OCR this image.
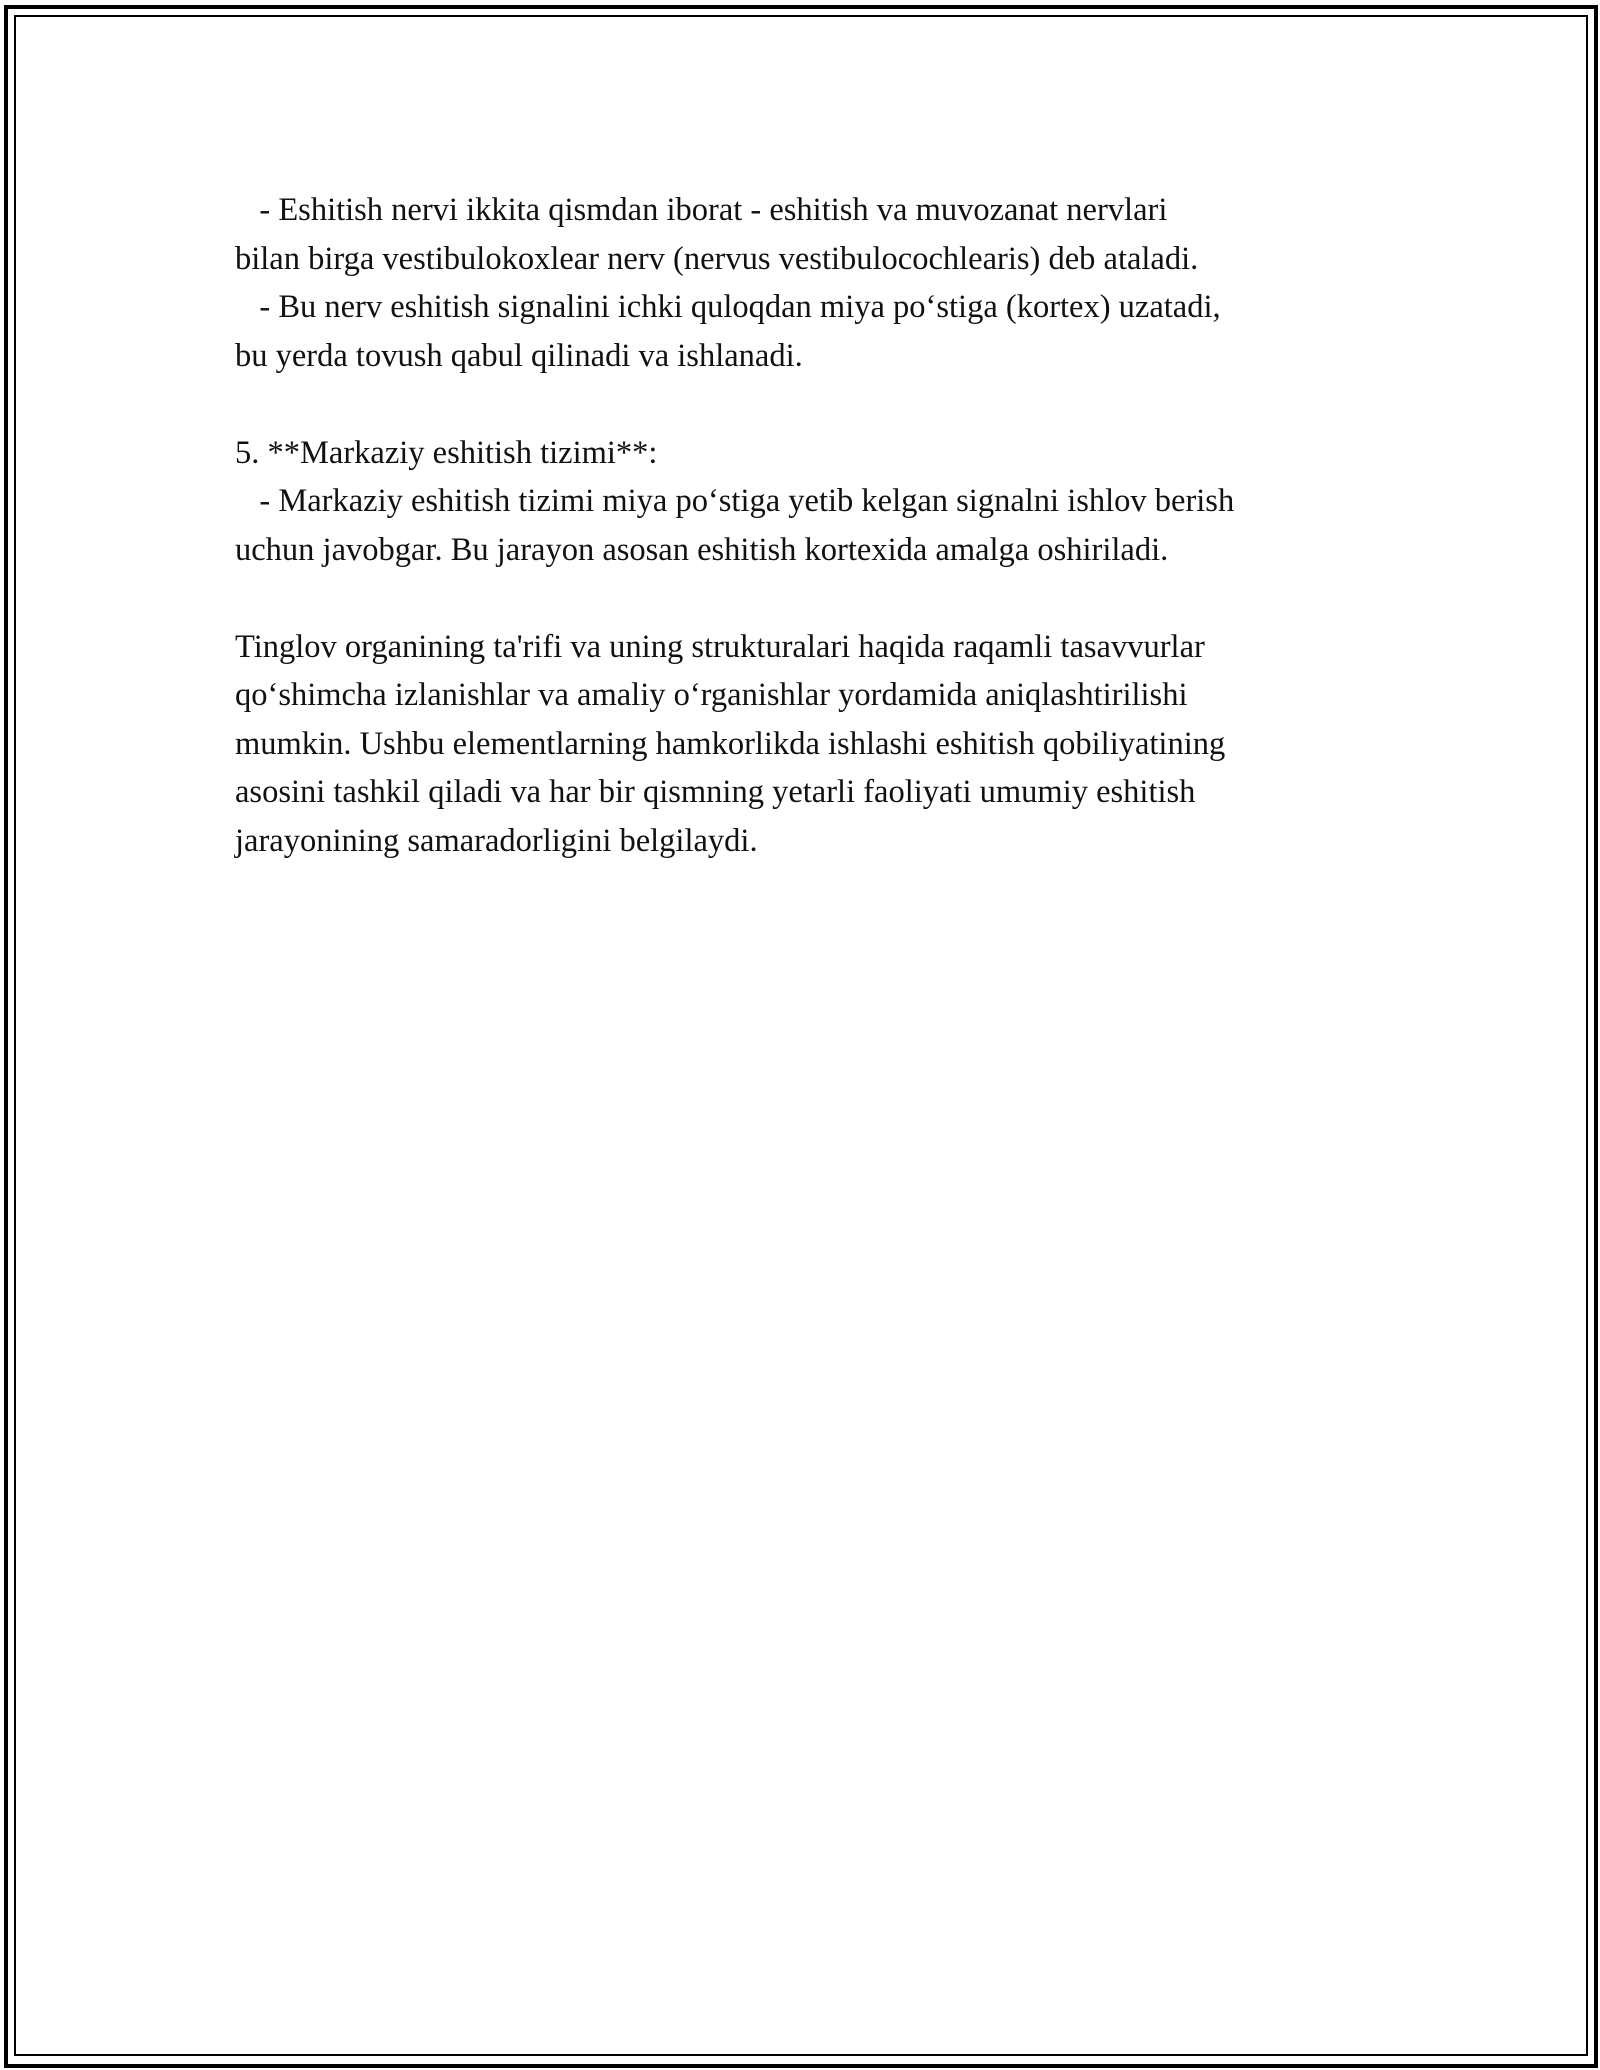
- Eshitish nervi ikkita qismdan iborat - eshitish va muvozanat nervlari
bilan birga vestibulokoxlear nerv (nervus vestibulocochlearis) deb ataladi.
- Bu nerv eshitish signalini ichki quloqdan miya po‘stiga (kortex) uzatadi,
bu yerda tovush qabul qilinadi va ishlanadi.
5. **Markaziy eshitish tizimi**:
- Markaziy eshitish tizimi miya po‘stiga yetib kelgan signalni ishlov berish
uchun javobgar. Bu jarayon asosan eshitish kortexida amalga oshiriladi.
Tinglov organining ta'rifi va uning strukturalari haqida raqamli tasavvurlar
qo‘shimcha izlanishlar va amaliy o‘rganishlar yordamida aniqlashtirilishi
mumkin. Ushbu elementlarning hamkorlikda ishlashi eshitish qobiliyatining
asosini tashkil qiladi va har bir qismning yetarli faoliyati umumiy eshitish
jarayonining samaradorligini belgilaydi.
